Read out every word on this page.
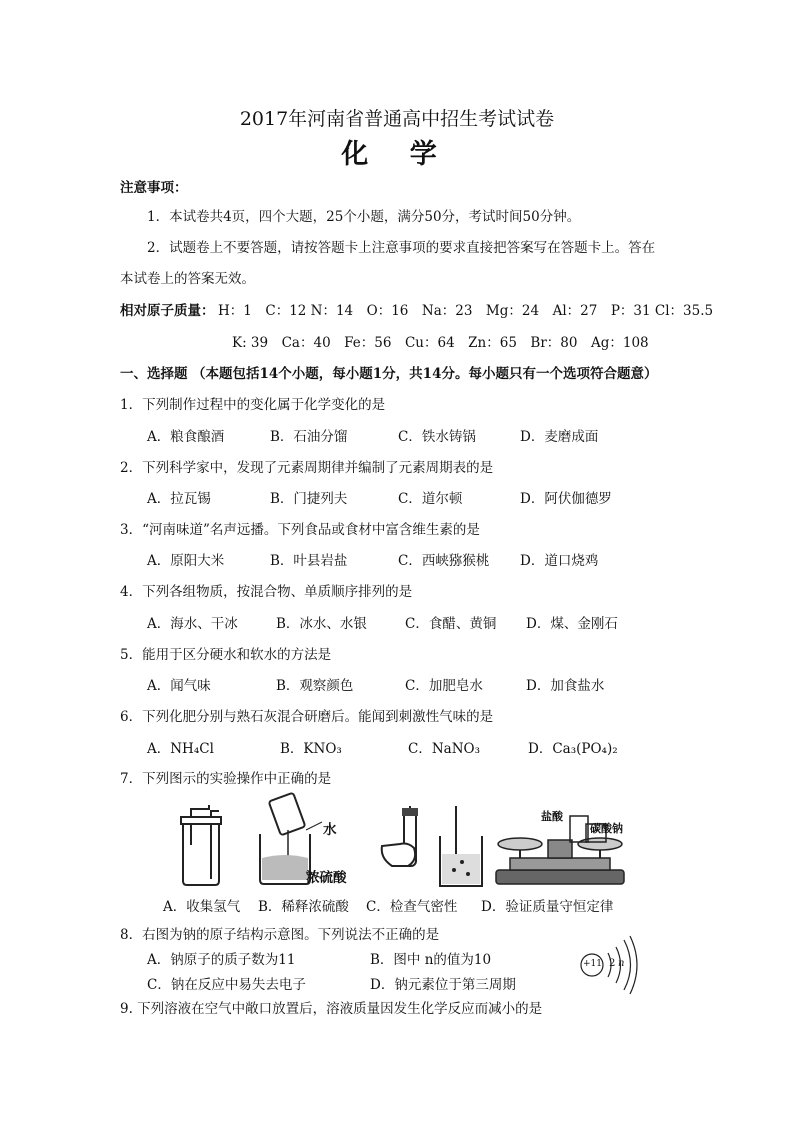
2017年河南省普通高中招生考试试卷
化 学
注意事项：
1．本试卷共4页，四个大题，25个小题，满分50分，考试时间50分钟。
2．试题卷上不要答题，请按答题卡上注意事项的要求直接把答案写在答题卡上。答在
本试卷上的答案无效。
相对原子质量： H：1　C：12 N：14　O：16　Na：23　Mg：24　Al：27　P：31 Cl：35.5
K: 39　Ca：40　Fe：56　Cu：64　Zn：65　Br：80　Ag：108
一、选择题 （本题包括14个小题，每小题1分，共14分。每小题只有一个选项符合题意）
1．下列制作过程中的变化属于化学变化的是
A．粮食酿酒	B．石油分馏	C．铁水铸锅	D．麦磨成面
2．下列科学家中，发现了元素周期律并编制了元素周期表的是
A．拉瓦锡	B．门捷列夫	C．道尔顿	D．阿伏伽德罗
3．“河南味道”名声远播。下列食品或食材中富含维生素的是
A．原阳大米	B．叶县岩盐	C．西峡猕猴桃 D．道口烧鸡
4．下列各组物质，按混合物、单质顺序排列的是
A．海水、干冰	B．冰水、水银	C．食醋、黄铜 D．煤、金刚石
5．能用于区分硬水和软水的方法是
A．闻气味	B．观察颜色	C．加肥皂水	D．加食盐水
6．下列化肥分别与熟石灰混合研磨后。能闻到刺激性气味的是
A．NH₄Cl	B．KNO₃	C．NaNO₃	D．Ca₃(PO₄)₂
7．下列图示的实验操作中正确的是
水
浓硫酸
盐酸
碳酸钠
A．收集氢气 B．稀释浓硫酸 C．检查气密性 D．验证质量守恒定律
8．右图为钠的原子结构示意图。下列说法不正确的是
A．钠原子的质子数为11	B．图中 n的值为10
C．钠在反应中易失去电子	D．钠元素位于第三周期
+11 2 n
9. 下列溶液在空气中敞口放置后，溶液质量因发生化学反应而减小的是
